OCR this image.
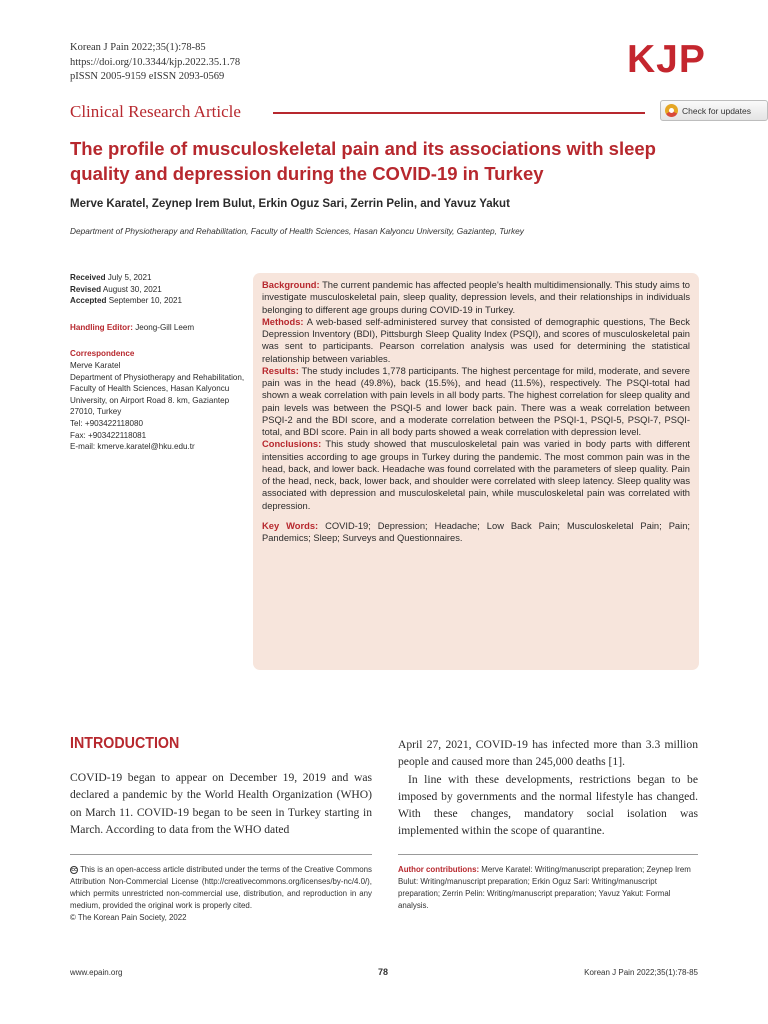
Korean J Pain 2022;35(1):78-85
https://doi.org/10.3344/kjp.2022.35.1.78
pISSN 2005-9159 eISSN 2093-0569	KJP
Clinical Research Article	Check for updates
The profile of musculoskeletal pain and its associations with sleep quality and depression during the COVID-19 in Turkey
Merve Karatel, Zeynep Irem Bulut, Erkin Oguz Sari, Zerrin Pelin, and Yavuz Yakut
Department of Physiotherapy and Rehabilitation, Faculty of Health Sciences, Hasan Kalyoncu University, Gaziantep, Turkey
Received July 5, 2021
Revised August 30, 2021
Accepted September 10, 2021
Handling Editor: Jeong-Gill Leem
Correspondence
Merve Karatel
Department of Physiotherapy and Rehabilitation, Faculty of Health Sciences, Hasan Kalyoncu University, on Airport Road 8. km, Gaziantep 27010, Turkey
Tel: +903422118080
Fax: +903422118081
E-mail: kmerve.karatel@hku.edu.tr

Background: The current pandemic has affected people's health multidimensionally. This study aims to investigate musculoskeletal pain, sleep quality, depression levels, and their relationships in individuals belonging to different age groups during COVID-19 in Turkey.

Methods: A web-based self-administered survey that consisted of demographic questions, The Beck Depression Inventory (BDI), Pittsburgh Sleep Quality Index (PSQI), and scores of musculoskeletal pain was sent to participants. Pearson correlation analysis was used for determining the statistical relationship between variables.

Results: The study includes 1,778 participants. The highest percentage for mild, moderate, and severe pain was in the head (49.8%), back (15.5%), and head (11.5%), respectively. The PSQI-total had shown a weak correlation with pain levels in all body parts. The highest correlation for sleep quality and pain levels was between the PSQI-5 and lower back pain. There was a weak correlation between PSQI-2 and the BDI score, and a moderate correlation between the PSQI-1, PSQI-5, PSQI-7, PSQI-total, and BDI score. Pain in all body parts showed a weak correlation with depression level.

Conclusions: This study showed that musculoskeletal pain was varied in body parts with different intensities according to age groups in Turkey during the pandemic. The most common pain was in the head, back, and lower back. Headache was found correlated with the parameters of sleep quality. Pain of the head, neck, back, lower back, and shoulder were correlated with sleep latency. Sleep quality was associated with depression and musculoskeletal pain, while musculoskeletal pain was correlated with depression.

Key Words: COVID-19; Depression; Headache; Low Back Pain; Musculoskeletal Pain; Pain; Pandemics; Sleep; Surveys and Questionnaires.

INTRODUCTION

COVID-19 began to appear on December 19, 2019 and was declared a pandemic by the World Health Organization (WHO) on March 11. COVID-19 began to be seen in Turkey starting in March. According to data from the WHO dated

April 27, 2021, COVID-19 has infected more than 3.3 million people and caused more than 245,000 deaths [1].

In line with these developments, restrictions began to be imposed by governments and the normal lifestyle has changed. With these changes, mandatory social isolation was implemented within the scope of quarantine.

cc This is an open-access article distributed under the terms of the Creative Commons Attribution Non-Commercial License (http://creativecommons.org/licenses/by-nc/4.0/), which permits unrestricted non-commercial use, distribution, and reproduction in any medium, provided the original work is properly cited.

© The Korean Pain Society, 2022

Author contributions: Merve Karatel: Writing/manuscript preparation; Zeynep Irem Bulut: Writing/manuscript preparation; Erkin Oguz Sari: Writing/manuscript preparation; Zerrin Pelin: Writing/manuscript preparation; Yavuz Yakut: Formal analysis.
www.epain.org	78	Korean J Pain 2022;35(1):78-85
